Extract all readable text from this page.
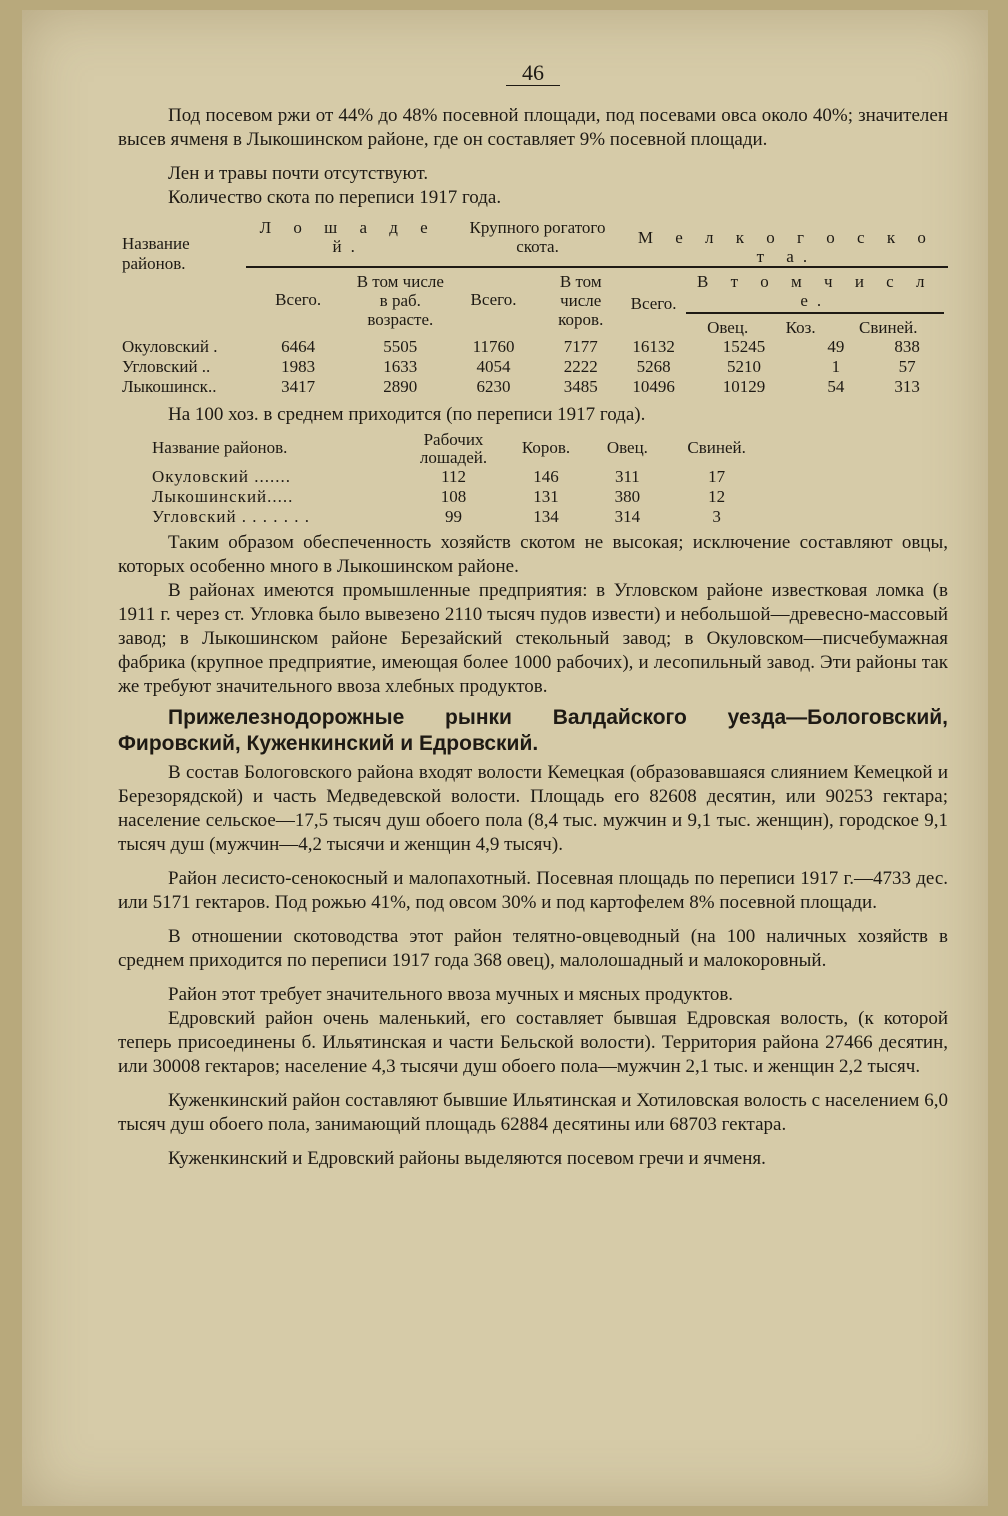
46

Под посевом ржи от 44% до 48% посевной площади, под посевами овса около 40%; значителен высев ячменя в Лыкошинском районе, где он составляет 9% посевной площади.

Лен и травы почти отсутствуют.

Количество скота по переписи 1917 года.

Название районов.	Л о ш а д е й.	Крупного рогатого скота.	М е л к о г о с к о т а.

Всего.	В том числе в раб. возрасте.	Всего.	В том числе коров.	Всего.	
В т о м ч и с л е.
Овец.	Коз.	Свиней.

Окуловский .	6464	5505	11760	7177	16132	15245	49	838
Угловский ..	1983	1633	4054	2222	5268	5210	1	57
Лыкошинск..	3417	2890	6230	3485	10496	10129	54	313

На 100 хоз. в среднем приходится (по переписи 1917 года).

Название районов.	Рабочих лошадей.	Коров.	Овец.	Свиней.
Окуловский .......	112	146	311	17
Лыкошинский.....	108	131	380	12
Угловский . . . . . . .	99	134	314	3

Таким образом обеспеченность хозяйств скотом не высокая; исключение составляют овцы, которых особенно много в Лыкошинском районе.

В районах имеются промышленные предприятия: в Угловском районе известковая ломка (в 1911 г. через ст. Угловка было вывезено 2110 тысяч пудов извести) и небольшой—древесно-массовый завод; в Лыкошинском районе Березайский стекольный завод; в Окуловском—писчебумажная фабрика (крупное предприятие, имеющая более 1000 рабочих), и лесопильный завод. Эти районы так же требуют значительного ввоза хлебных продуктов.

Прижелезнодорожные рынки Валдайского уезда—Бологовский, Фировский, Куженкинский и Едровский.

В состав Бологовского района входят волости Кемецкая (образовавшаяся слиянием Кемецкой и Березорядской) и часть Медведевской волости. Площадь его 82608 десятин, или 90253 гектара; население сельское—17,5 тысяч душ обоего пола (8,4 тыс. мужчин и 9,1 тыс. женщин), городское 9,1 тысяч душ (мужчин—4,2 тысячи и женщин 4,9 тысяч).

Район лесисто-сенокосный и малопахотный. Посевная площадь по переписи 1917 г.—4733 дес. или 5171 гектаров. Под рожью 41%, под овсом 30% и под картофелем 8% посевной площади.

В отношении скотоводства этот район телятно-овцеводный (на 100 наличных хозяйств в среднем приходится по переписи 1917 года 368 овец), малолошадный и малокоровный.

Район этот требует значительного ввоза мучных и мясных продуктов.

Едровский район очень маленький, его составляет бывшая Едровская волость, (к которой теперь присоединены б. Ильятинская и части Бельской волости). Территория района 27466 десятин, или 30008 гектаров; население 4,3 тысячи душ обоего пола—мужчин 2,1 тыс. и женщин 2,2 тысяч.

Куженкинский район составляют бывшие Ильятинская и Хотиловская волость с населением 6,0 тысяч душ обоего пола, занимающий площадь 62884 десятины или 68703 гектара.

Куженкинский и Едровский районы выделяются посевом гречи и ячменя.
